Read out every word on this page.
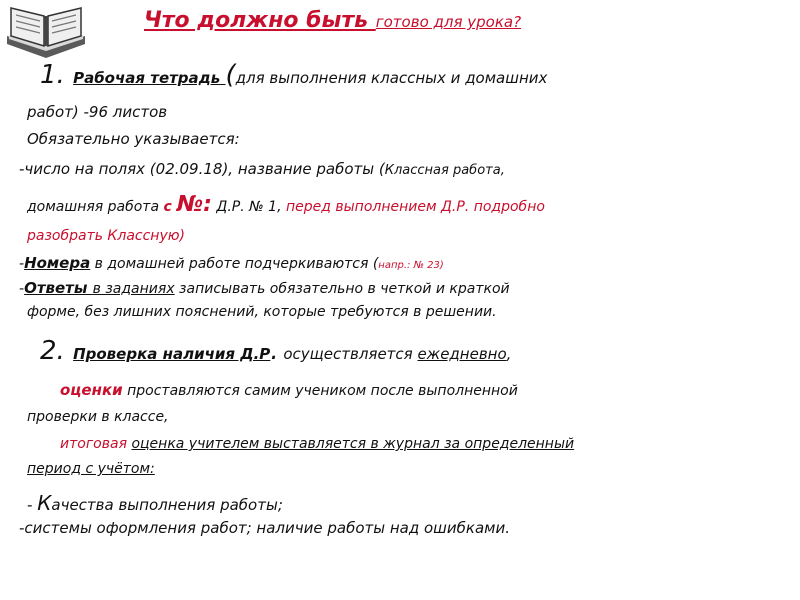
Что должно быть готово для урока?
1. Рабочая тетрадь (для выполнения классных и домашних
работ) -96 листов
Обязательно указывается:
-число на полях (02.09.18), название работы (Классная работа,
домашняя работа с №: Д.Р. № 1, перед выполнением Д.Р. подробно
разобрать Классную)
-Номера в домашней работе подчеркиваются (напр.: № 23)
-Ответы в заданиях записывать обязательно в четкой и краткой
форме, без лишних пояснений, которые требуются в решении.
2. Проверка наличия Д.Р. осуществляется ежедневно,
оценки проставляются самим учеником после выполненной
проверки в классе,
итоговая оценка учителем выставляется в журнал за определенный
период с учётом:
- Качества выполнения работы;
-системы оформления работ; наличие работы над ошибками.
